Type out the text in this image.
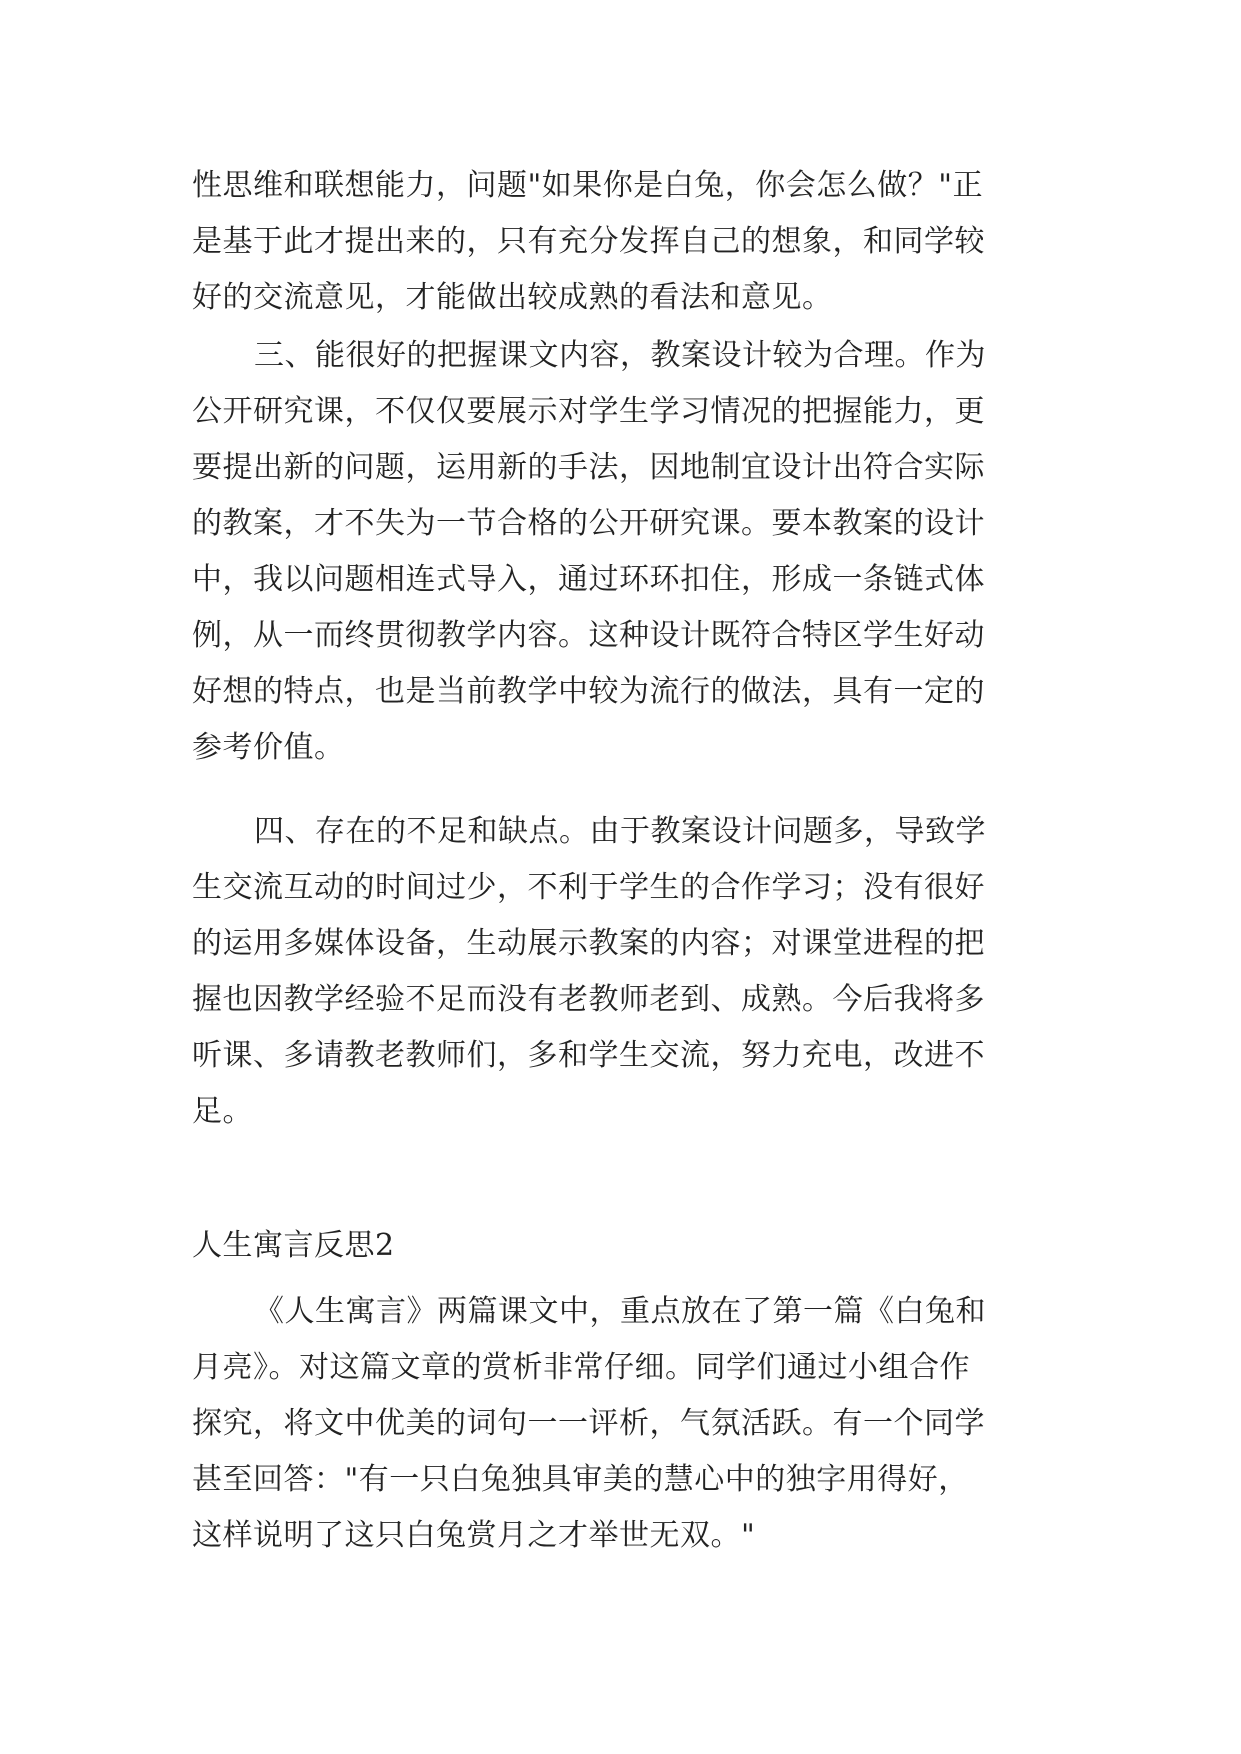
性思维和联想能力，问题"如果你是白兔，你会怎么做？"正
是基于此才提出来的，只有充分发挥自己的想象，和同学较
好的交流意见，才能做出较成熟的看法和意见。
三、能很好的把握课文内容，教案设计较为合理。作为
公开研究课，不仅仅要展示对学生学习情况的把握能力，更
要提出新的问题，运用新的手法，因地制宜设计出符合实际
的教案，才不失为一节合格的公开研究课。要本教案的设计
中，我以问题相连式导入，通过环环扣住，形成一条链式体
例，从一而终贯彻教学内容。这种设计既符合特区学生好动
好想的特点，也是当前教学中较为流行的做法，具有一定的
参考价值。
四、存在的不足和缺点。由于教案设计问题多，导致学
生交流互动的时间过少，不利于学生的合作学习；没有很好
的运用多媒体设备，生动展示教案的内容；对课堂进程的把
握也因教学经验不足而没有老教师老到、成熟。今后我将多
听课、多请教老教师们，多和学生交流，努力充电，改进不
足。
人生寓言反思2
《人生寓言》两篇课文中，重点放在了第一篇《白兔和
月亮》。对这篇文章的赏析非常仔细。同学们通过小组合作
探究，将文中优美的词句一一评析，气氛活跃。有一个同学
甚至回答："有一只白兔独具审美的慧心中的独字用得好，
这样说明了这只白兔赏月之才举世无双。"
